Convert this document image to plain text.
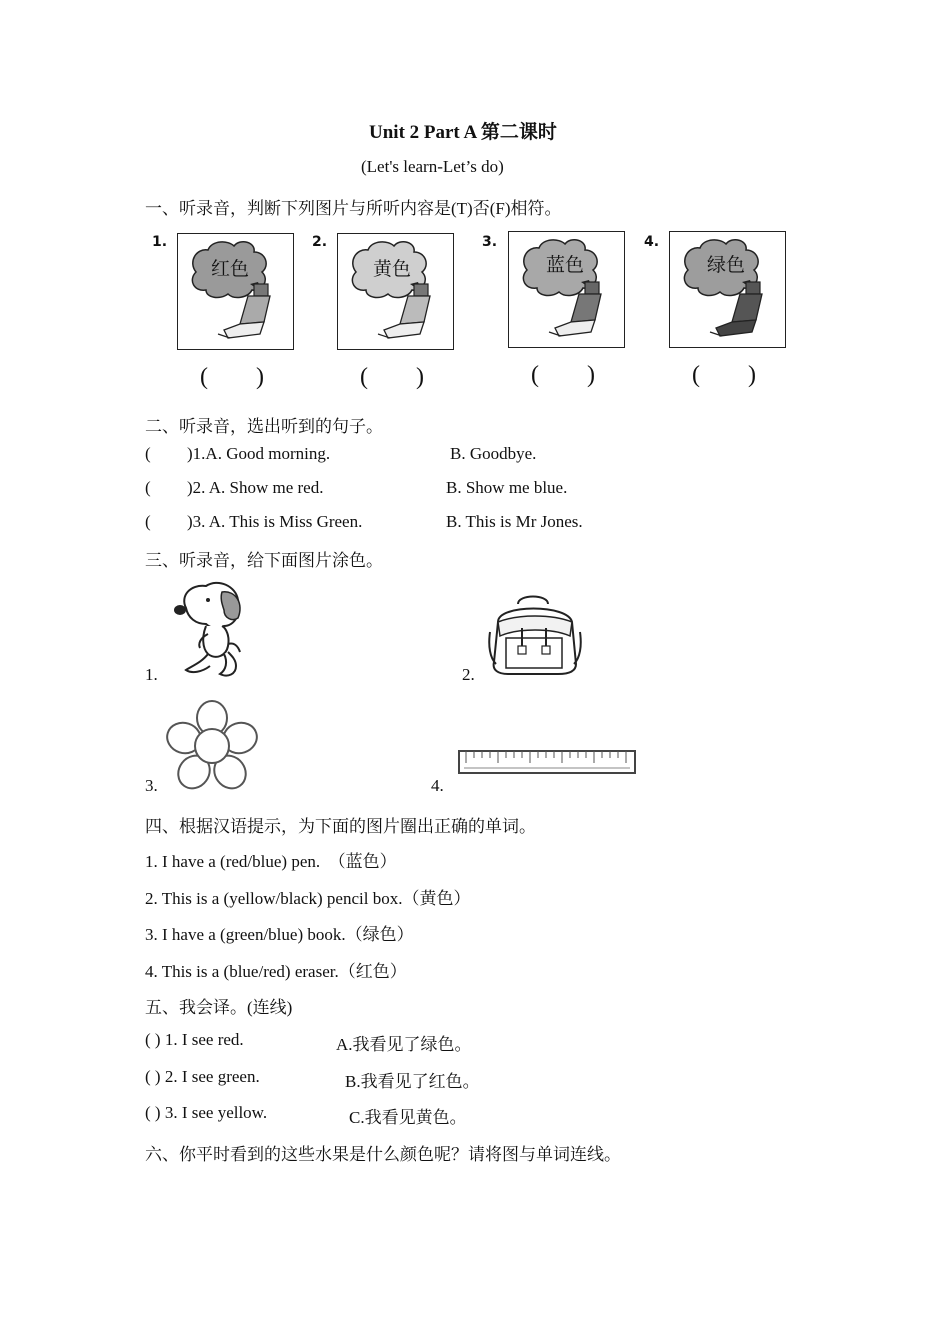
Unit 2 Part A 第二课时
(Let's learn-Let’s do)
一、听录音，判断下列图片与所听内容是(T)否(F)相符。
1.
红色
(　　)
2.
黄色
(　　)
3.
蓝色
(　　)
4.
绿色
(　　)
二、听录音，选出听到的句子。
( )1.A. Good morning.	B. Goodbye.
( )2. A. Show me red.	B. Show me blue.
( )3. A. This is Miss Green.	B. This is Mr Jones.
三、听录音，给下面图片涂色。
1.	2.
3.	4.
四、根据汉语提示，为下面的图片圈出正确的单词。
1. I have a (red/blue) pen.　（蓝色）
2. This is a (yellow/black) pencil box.（黄色）
3. I have a (green/blue) book.（绿色）
4. This is a (blue/red) eraser.（红色）
五、我会译。(连线)
( ) 1. I see red.	A.我看见了绿色。
( ) 2. I see green.	B.我看见了红色。
( ) 3. I see yellow.	C.我看见黄色。
六、你平时看到的这些水果是什么颜色呢？请将图与单词连线。
